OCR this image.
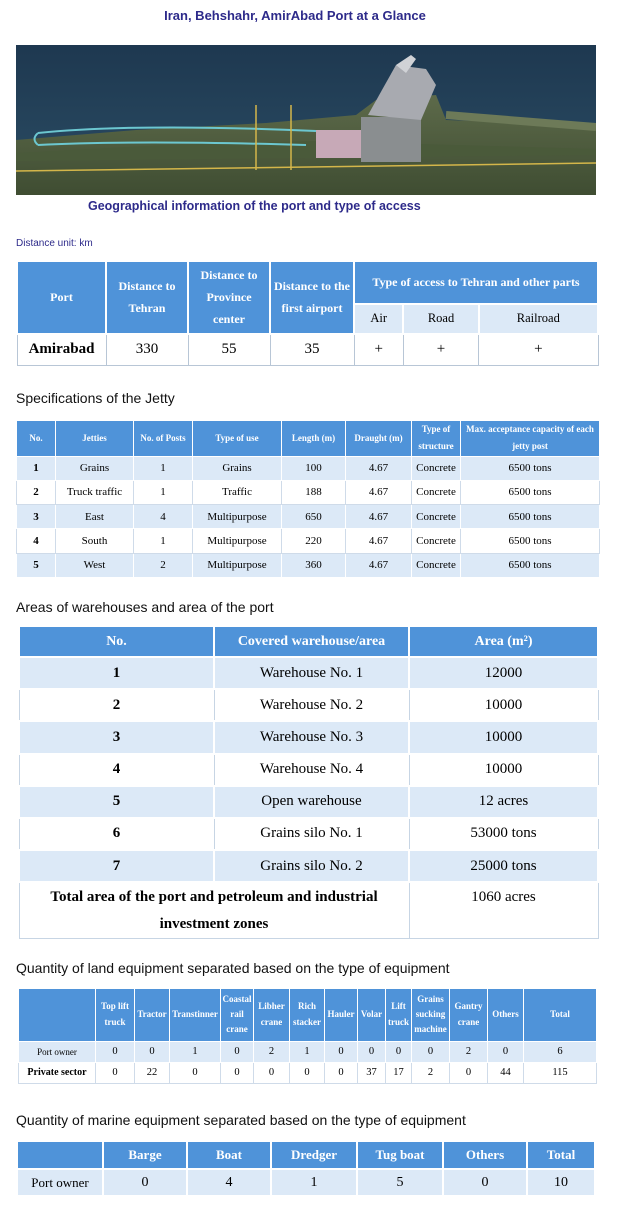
Iran, Behshahr, AmirAbad Port at a Glance
Geographical information of the port and type of access
Distance unit: km
Port	Distance to Tehran	Distance to Province center	Distance to the first airport	Type of access to Tehran and other parts		
				Air	Road	Railroad
Amirabad	330	55	35	+	+	+
Specifications of the Jetty
No.	Jetties	No. of Posts	Type of use	Length (m)	Draught (m)	Type of structure	Max. acceptance capacity of each jetty post
1	Grains	1	Grains	100	4.67	Concrete	6500 tons
2	Truck traffic	1	Traffic	188	4.67	Concrete	6500 tons
3	East	4	Multipurpose	650	4.67	Concrete	6500 tons
4	South	1	Multipurpose	220	4.67	Concrete	6500 tons
5	West	2	Multipurpose	360	4.67	Concrete	6500 tons
Areas of warehouses and area of the port
No.	Covered warehouse/area	Area (m²)
1	Warehouse No. 1	12000
2	Warehouse No. 2	10000
3	Warehouse No. 3	10000
4	Warehouse No. 4	10000
5	Open warehouse	12 acres
6	Grains silo No. 1	53000 tons
7	Grains silo No. 2	25000 tons
Total area of the port and petroleum and industrial investment zones		1060 acres
Quantity of land equipment separated based on the type of equipment
	Top lift truck	Tractor	Transtinner	Coastal rail crane	Libher crane	Rich stacker	Hauler	Volar	Lift truck	Grains sucking machine	Gantry crane	Others	Total
Port owner	0	0	1	0	2	1	0	0	0	0	2	0	6
Private sector	0	22	0	0	0	0	0	37	17	2	0	44	115
Quantity of marine equipment separated based on the type of equipment
	Barge	Boat	Dredger	Tug boat	Others	Total
Port owner	0	4	1	5	0	10
